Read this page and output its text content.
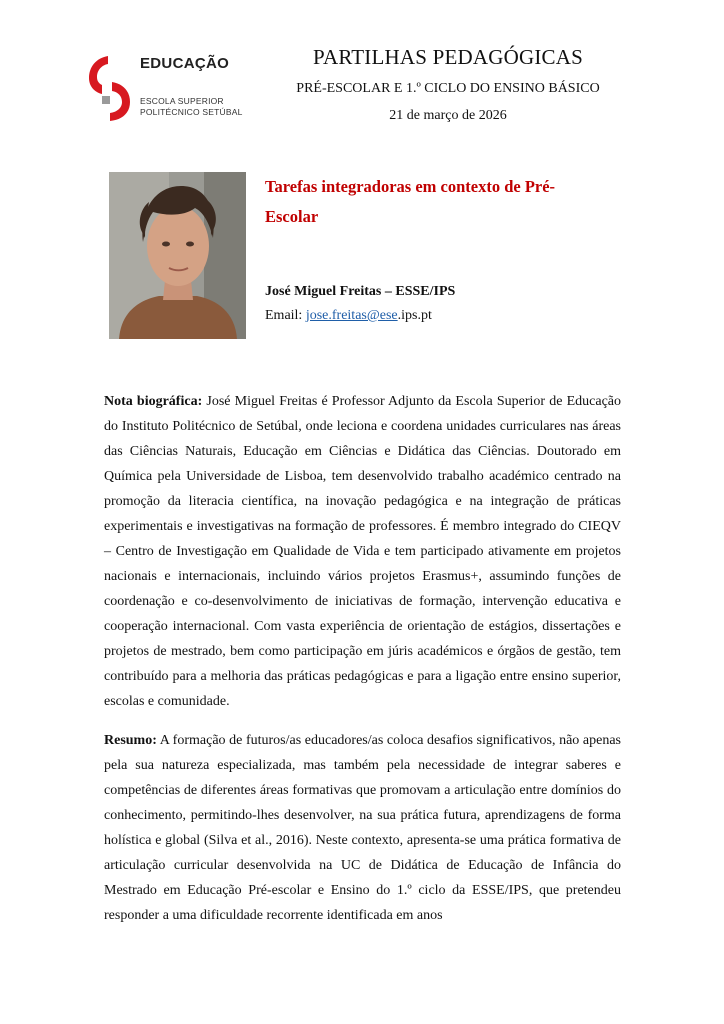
EDUCAÇÃO
ESCOLA SUPERIOR
POLITÉCNICO SETÚBAL
PARTILHAS PEDAGÓGICAS
PRÉ-ESCOLAR E 1.º CICLO DO ENSINO BÁSICO
21 de março de 2026
Tarefas integradoras em contexto de Pré-
Escolar
José Miguel Freitas – ESSE/IPS
Email: jose.freitas@ese.ips.pt
Nota biográfica: José Miguel Freitas é Professor Adjunto da Escola Superior de Educação do Instituto Politécnico de Setúbal, onde leciona e coordena unidades curriculares nas áreas das Ciências Naturais, Educação em Ciências e Didática das Ciências. Doutorado em Química pela Universidade de Lisboa, tem desenvolvido trabalho académico centrado na promoção da literacia científica, na inovação pedagógica e na integração de práticas experimentais e investigativas na formação de professores. É membro integrado do CIEQV – Centro de Investigação em Qualidade de Vida e tem participado ativamente em projetos nacionais e internacionais, incluindo vários projetos Erasmus+, assumindo funções de coordenação e co-desenvolvimento de iniciativas de formação, intervenção educativa e cooperação internacional. Com vasta experiência de orientação de estágios, dissertações e projetos de mestrado, bem como participação em júris académicos e órgãos de gestão, tem contribuído para a melhoria das práticas pedagógicas e para a ligação entre ensino superior, escolas e comunidade.
Resumo: A formação de futuros/as educadores/as coloca desafios significativos, não apenas pela sua natureza especializada, mas também pela necessidade de integrar saberes e competências de diferentes áreas formativas que promovam a articulação entre domínios do conhecimento, permitindo-lhes desenvolver, na sua prática futura, aprendizagens de forma holística e global (Silva et al., 2016). Neste contexto, apresenta-se uma prática formativa de articulação curricular desenvolvida na UC de Didática de Educação de Infância do Mestrado em Educação Pré-escolar e Ensino do 1.º ciclo da ESSE/IPS, que pretendeu responder a uma dificuldade recorrente identificada em anos
